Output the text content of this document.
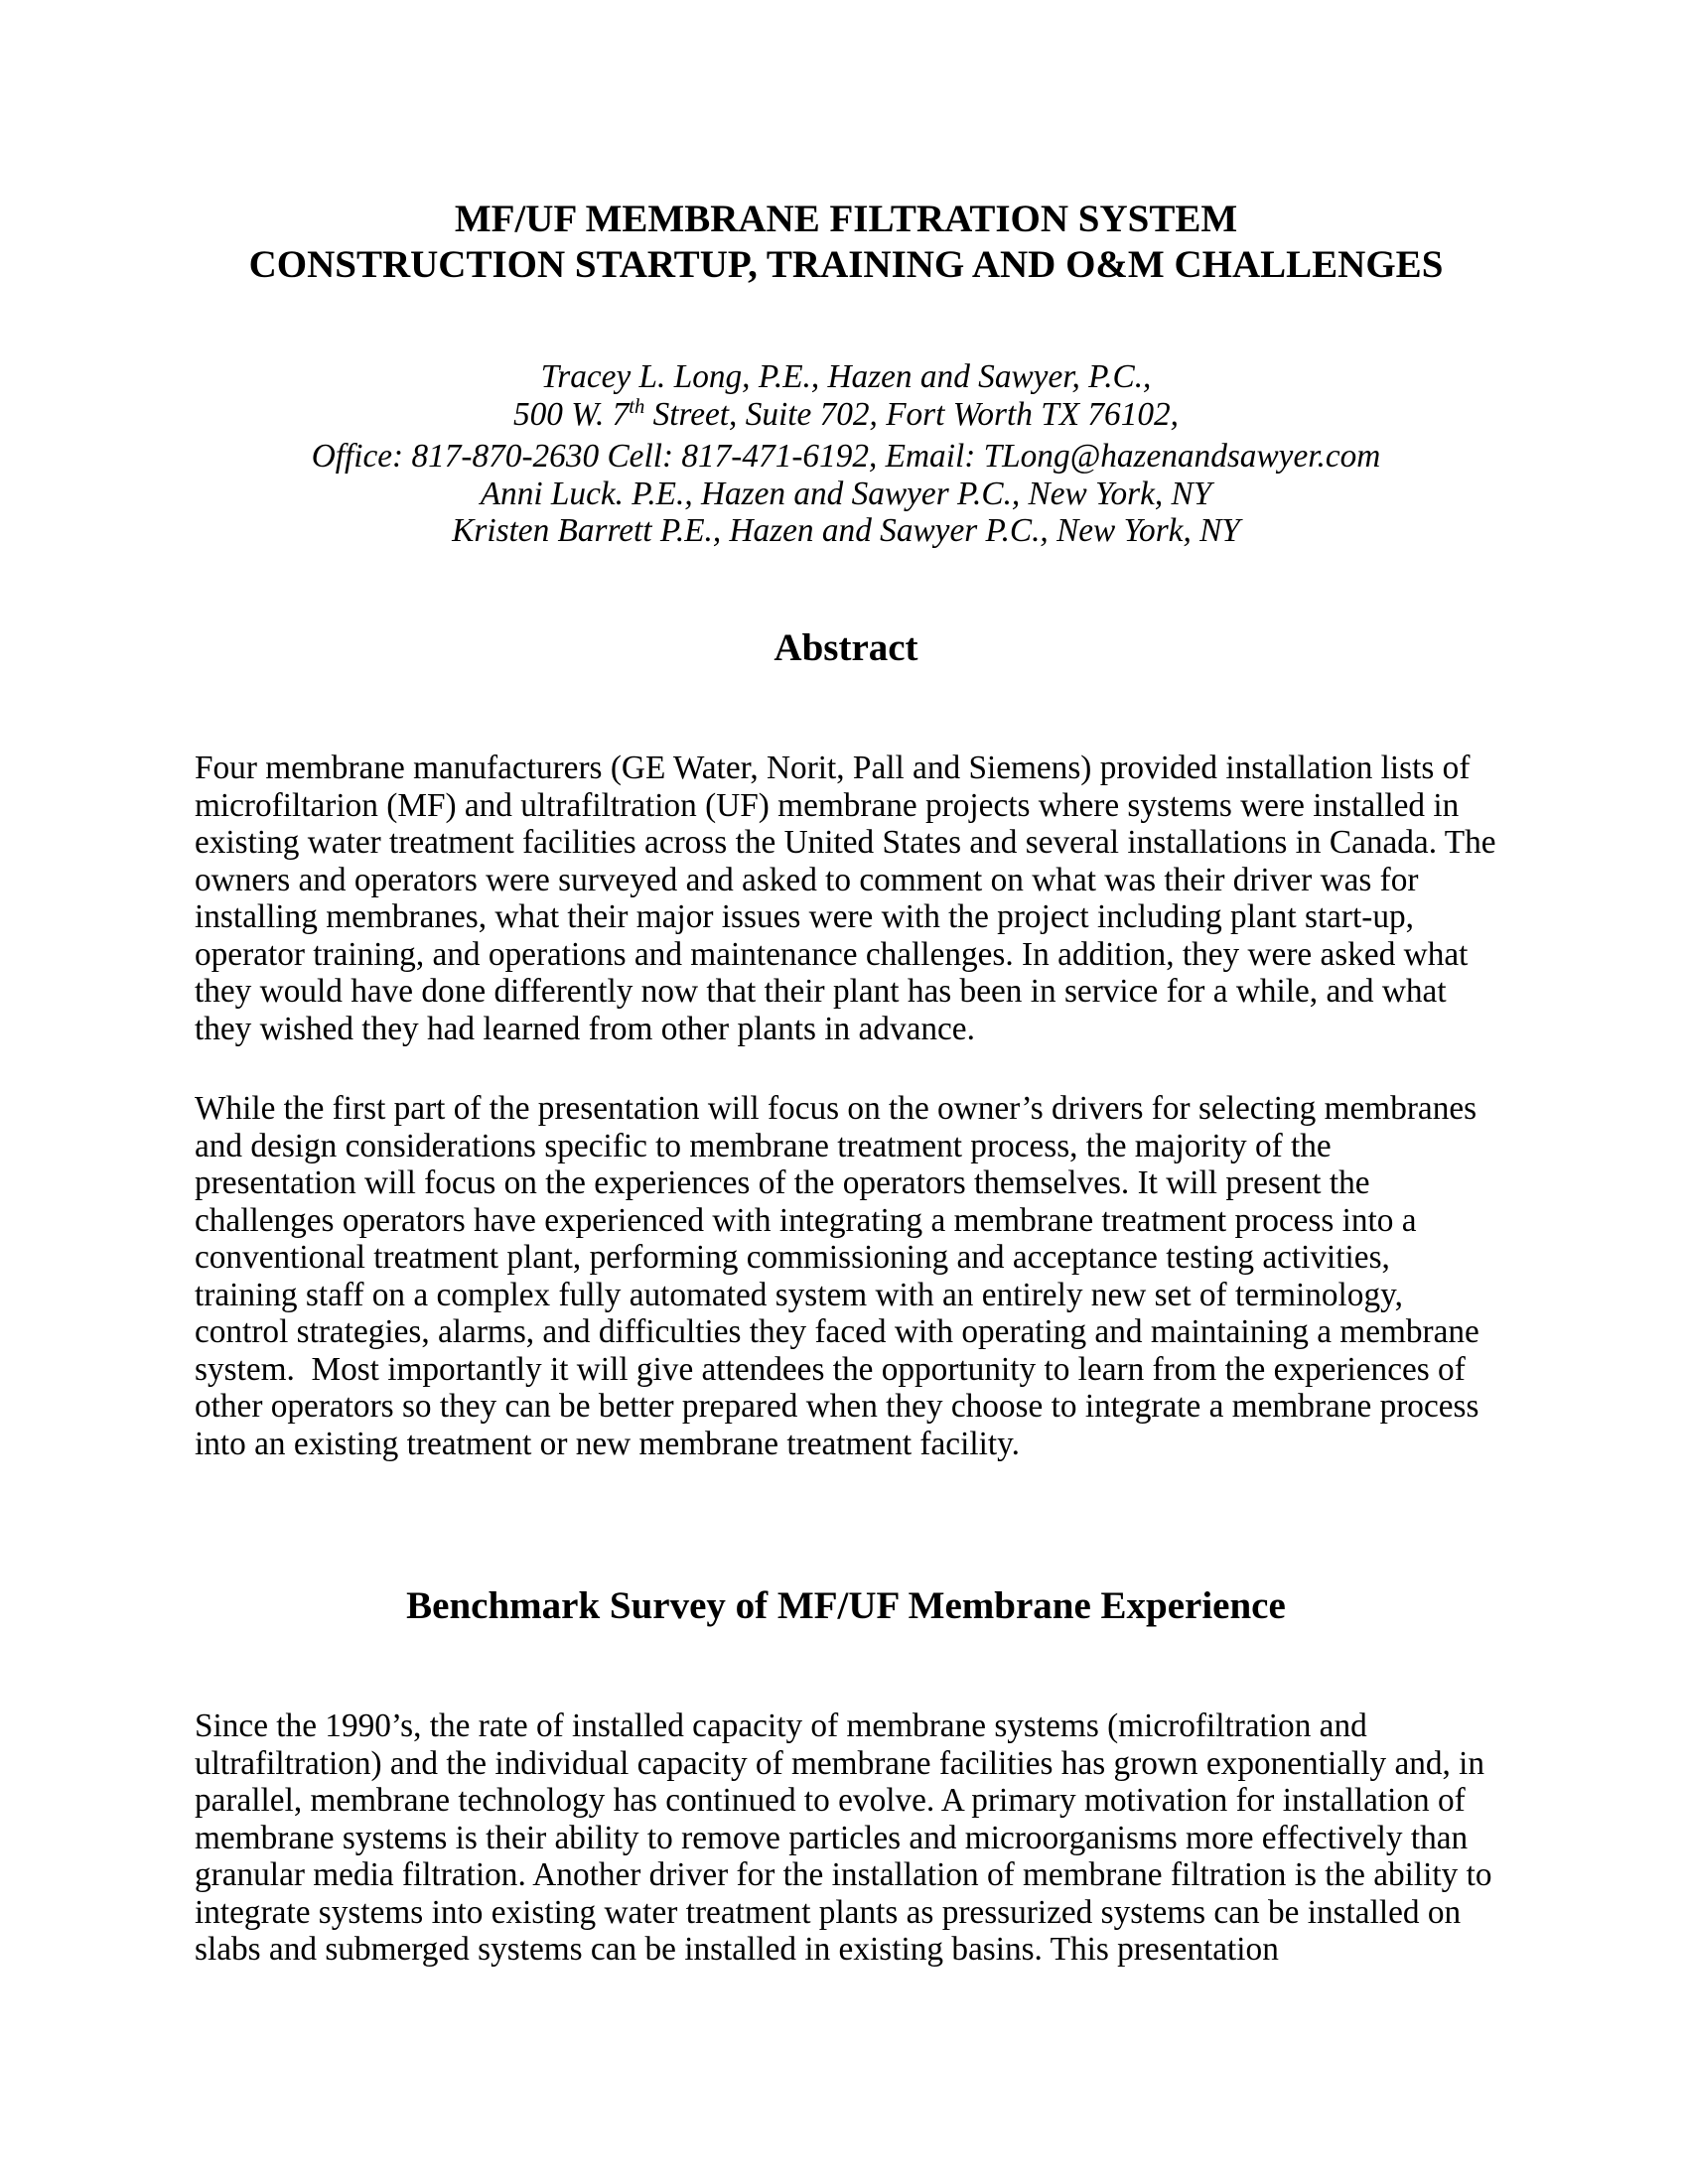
MF/UF MEMBRANE FILTRATION SYSTEM
CONSTRUCTION STARTUP, TRAINING AND O&M CHALLENGES
Tracey L. Long, P.E., Hazen and Sawyer, P.C.,
500 W. 7th Street, Suite 702, Fort Worth TX 76102,
Office: 817-870-2630 Cell: 817-471-6192, Email: TLong@hazenandsawyer.com
Anni Luck. P.E., Hazen and Sawyer P.C., New York, NY
Kristen Barrett P.E., Hazen and Sawyer P.C., New York, NY
Abstract
Four membrane manufacturers (GE Water, Norit, Pall and Siemens) provided installation lists of microfiltarion (MF) and ultrafiltration (UF) membrane projects where systems were installed in existing water treatment facilities across the United States and several installations in Canada. The owners and operators were surveyed and asked to comment on what was their driver was for installing membranes, what their major issues were with the project including plant start-up, operator training, and operations and maintenance challenges. In addition, they were asked what they would have done differently now that their plant has been in service for a while, and what they wished they had learned from other plants in advance.
While the first part of the presentation will focus on the owner’s drivers for selecting membranes and design considerations specific to membrane treatment process, the majority of the presentation will focus on the experiences of the operators themselves. It will present the challenges operators have experienced with integrating a membrane treatment process into a conventional treatment plant, performing commissioning and acceptance testing activities, training staff on a complex fully automated system with an entirely new set of terminology, control strategies, alarms, and difficulties they faced with operating and maintaining a membrane system.  Most importantly it will give attendees the opportunity to learn from the experiences of other operators so they can be better prepared when they choose to integrate a membrane process into an existing treatment or new membrane treatment facility.
Benchmark Survey of MF/UF Membrane Experience
Since the 1990’s, the rate of installed capacity of membrane systems (microfiltration and ultrafiltration) and the individual capacity of membrane facilities has grown exponentially and, in parallel, membrane technology has continued to evolve. A primary motivation for installation of membrane systems is their ability to remove particles and microorganisms more effectively than granular media filtration. Another driver for the installation of membrane filtration is the ability to integrate systems into existing water treatment plants as pressurized systems can be installed on slabs and submerged systems can be installed in existing basins. This presentation
